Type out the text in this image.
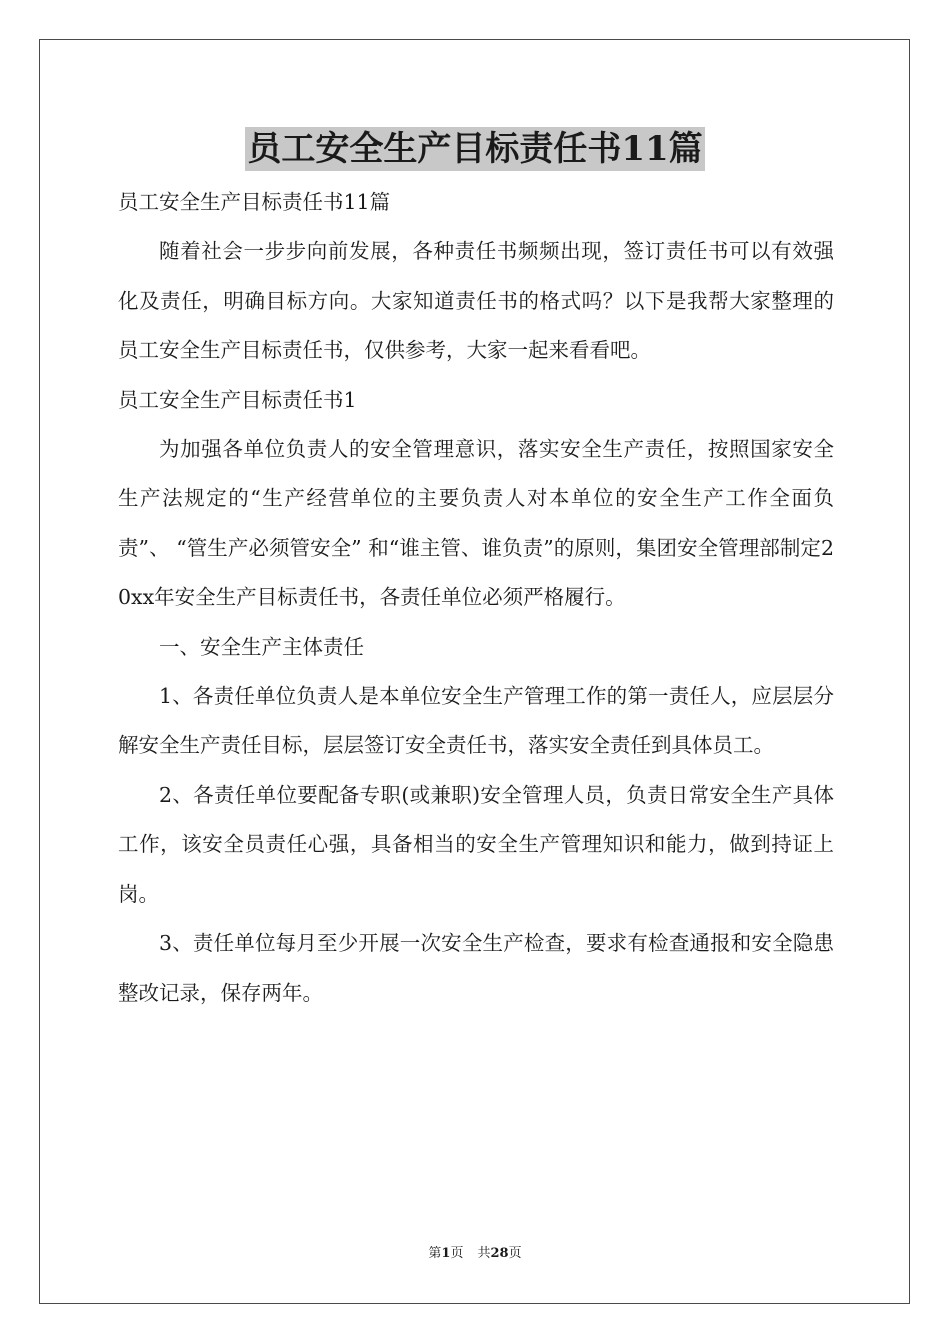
员工安全生产目标责任书11篇

员工安全生产目标责任书11篇

随着社会一步步向前发展，各种责任书频频出现，签订责任书可以有效强化及责任，明确目标方向。大家知道责任书的格式吗？以下是我帮大家整理的员工安全生产目标责任书，仅供参考，大家一起来看看吧。

员工安全生产目标责任书1

为加强各单位负责人的安全管理意识，落实安全生产责任，按照国家安全生产法规定的“生产经营单位的主要负责人对本单位的安全生产工作全面负责”、 “管生产必须管安全” 和“谁主管、谁负责”的原则，集团安全管理部制定20xx年安全生产目标责任书，各责任单位必须严格履行。

一、安全生产主体责任

1、各责任单位负责人是本单位安全生产管理工作的第一责任人，应层层分解安全生产责任目标，层层签订安全责任书，落实安全责任到具体员工。

2、各责任单位要配备专职(或兼职)安全管理人员，负责日常安全生产具体工作，该安全员责任心强，具备相当的安全生产管理知识和能力，做到持证上岗。

3、责任单位每月至少开展一次安全生产检查，要求有检查通报和安全隐患整改记录，保存两年。

第1页 共28页
